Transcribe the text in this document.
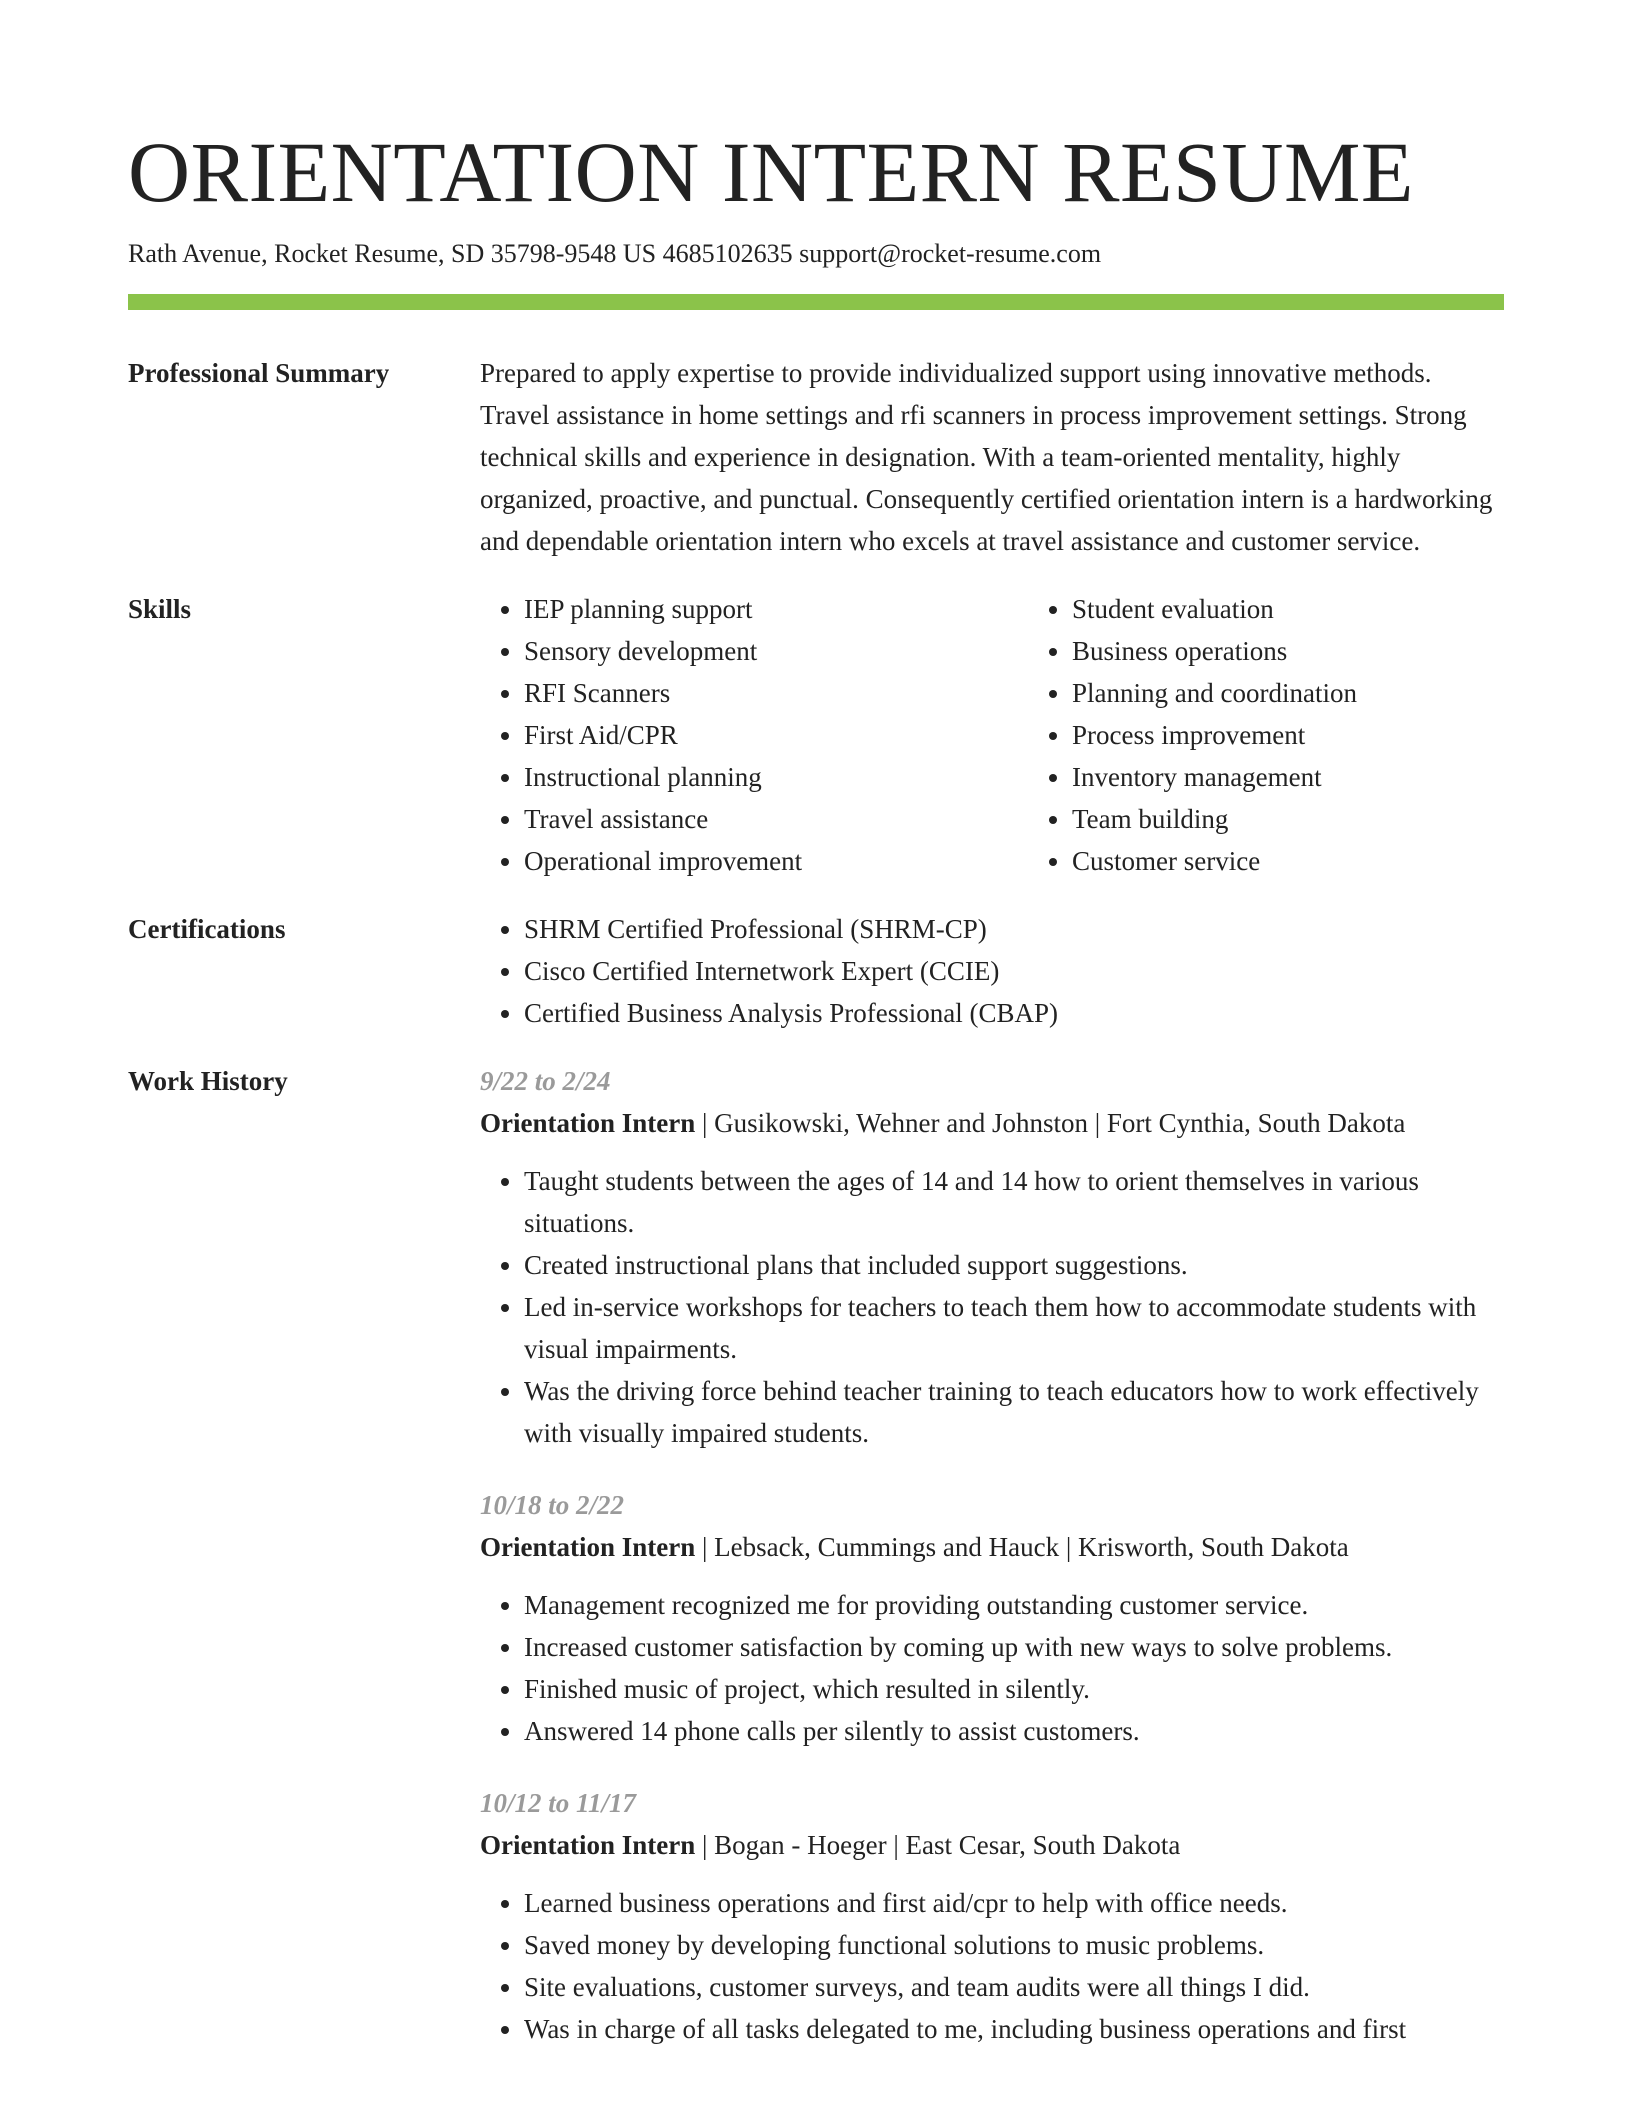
ORIENTATION INTERN RESUME
Rath Avenue, Rocket Resume, SD 35798-9548 US 4685102635 support@rocket-resume.com
Professional Summary	Prepared to apply expertise to provide individualized support using innovative methods. Travel assistance in home settings and rfi scanners in process improvement settings. Strong technical skills and experience in designation. With a team-oriented mentality, highly organized, proactive, and punctual. Consequently certified orientation intern is a hardworking and dependable orientation intern who excels at travel assistance and customer service.

Skills	• IEP planning support
• Sensory development
• RFI Scanners
• First Aid/CPR
• Instructional planning
• Travel assistance
• Operational improvement
• Student evaluation
• Business operations
• Planning and coordination
• Process improvement
• Inventory management
• Team building
• Customer service
Certifications	• SHRM Certified Professional (SHRM-CP)
• Cisco Certified Internetwork Expert (CCIE)
• Certified Business Analysis Professional (CBAP)
Work History	9/22 to 2/24
Orientation Intern | Gusikowski, Wehner and Johnston | Fort Cynthia, South Dakota
• Taught students between the ages of 14 and 14 how to orient themselves in various situations.
• Created instructional plans that included support suggestions.
• Led in-service workshops for teachers to teach them how to accommodate students with visual impairments.
• Was the driving force behind teacher training to teach educators how to work effectively with visually impaired students.
10/18 to 2/22
Orientation Intern | Lebsack, Cummings and Hauck | Krisworth, South Dakota
• Management recognized me for providing outstanding customer service.
• Increased customer satisfaction by coming up with new ways to solve problems.
• Finished music of project, which resulted in silently.
• Answered 14 phone calls per silently to assist customers.
10/12 to 11/17
Orientation Intern | Bogan - Hoeger | East Cesar, South Dakota
• Learned business operations and first aid/cpr to help with office needs.
• Saved money by developing functional solutions to music problems.
• Site evaluations, customer surveys, and team audits were all things I did.
• Was in charge of all tasks delegated to me, including business operations and first
